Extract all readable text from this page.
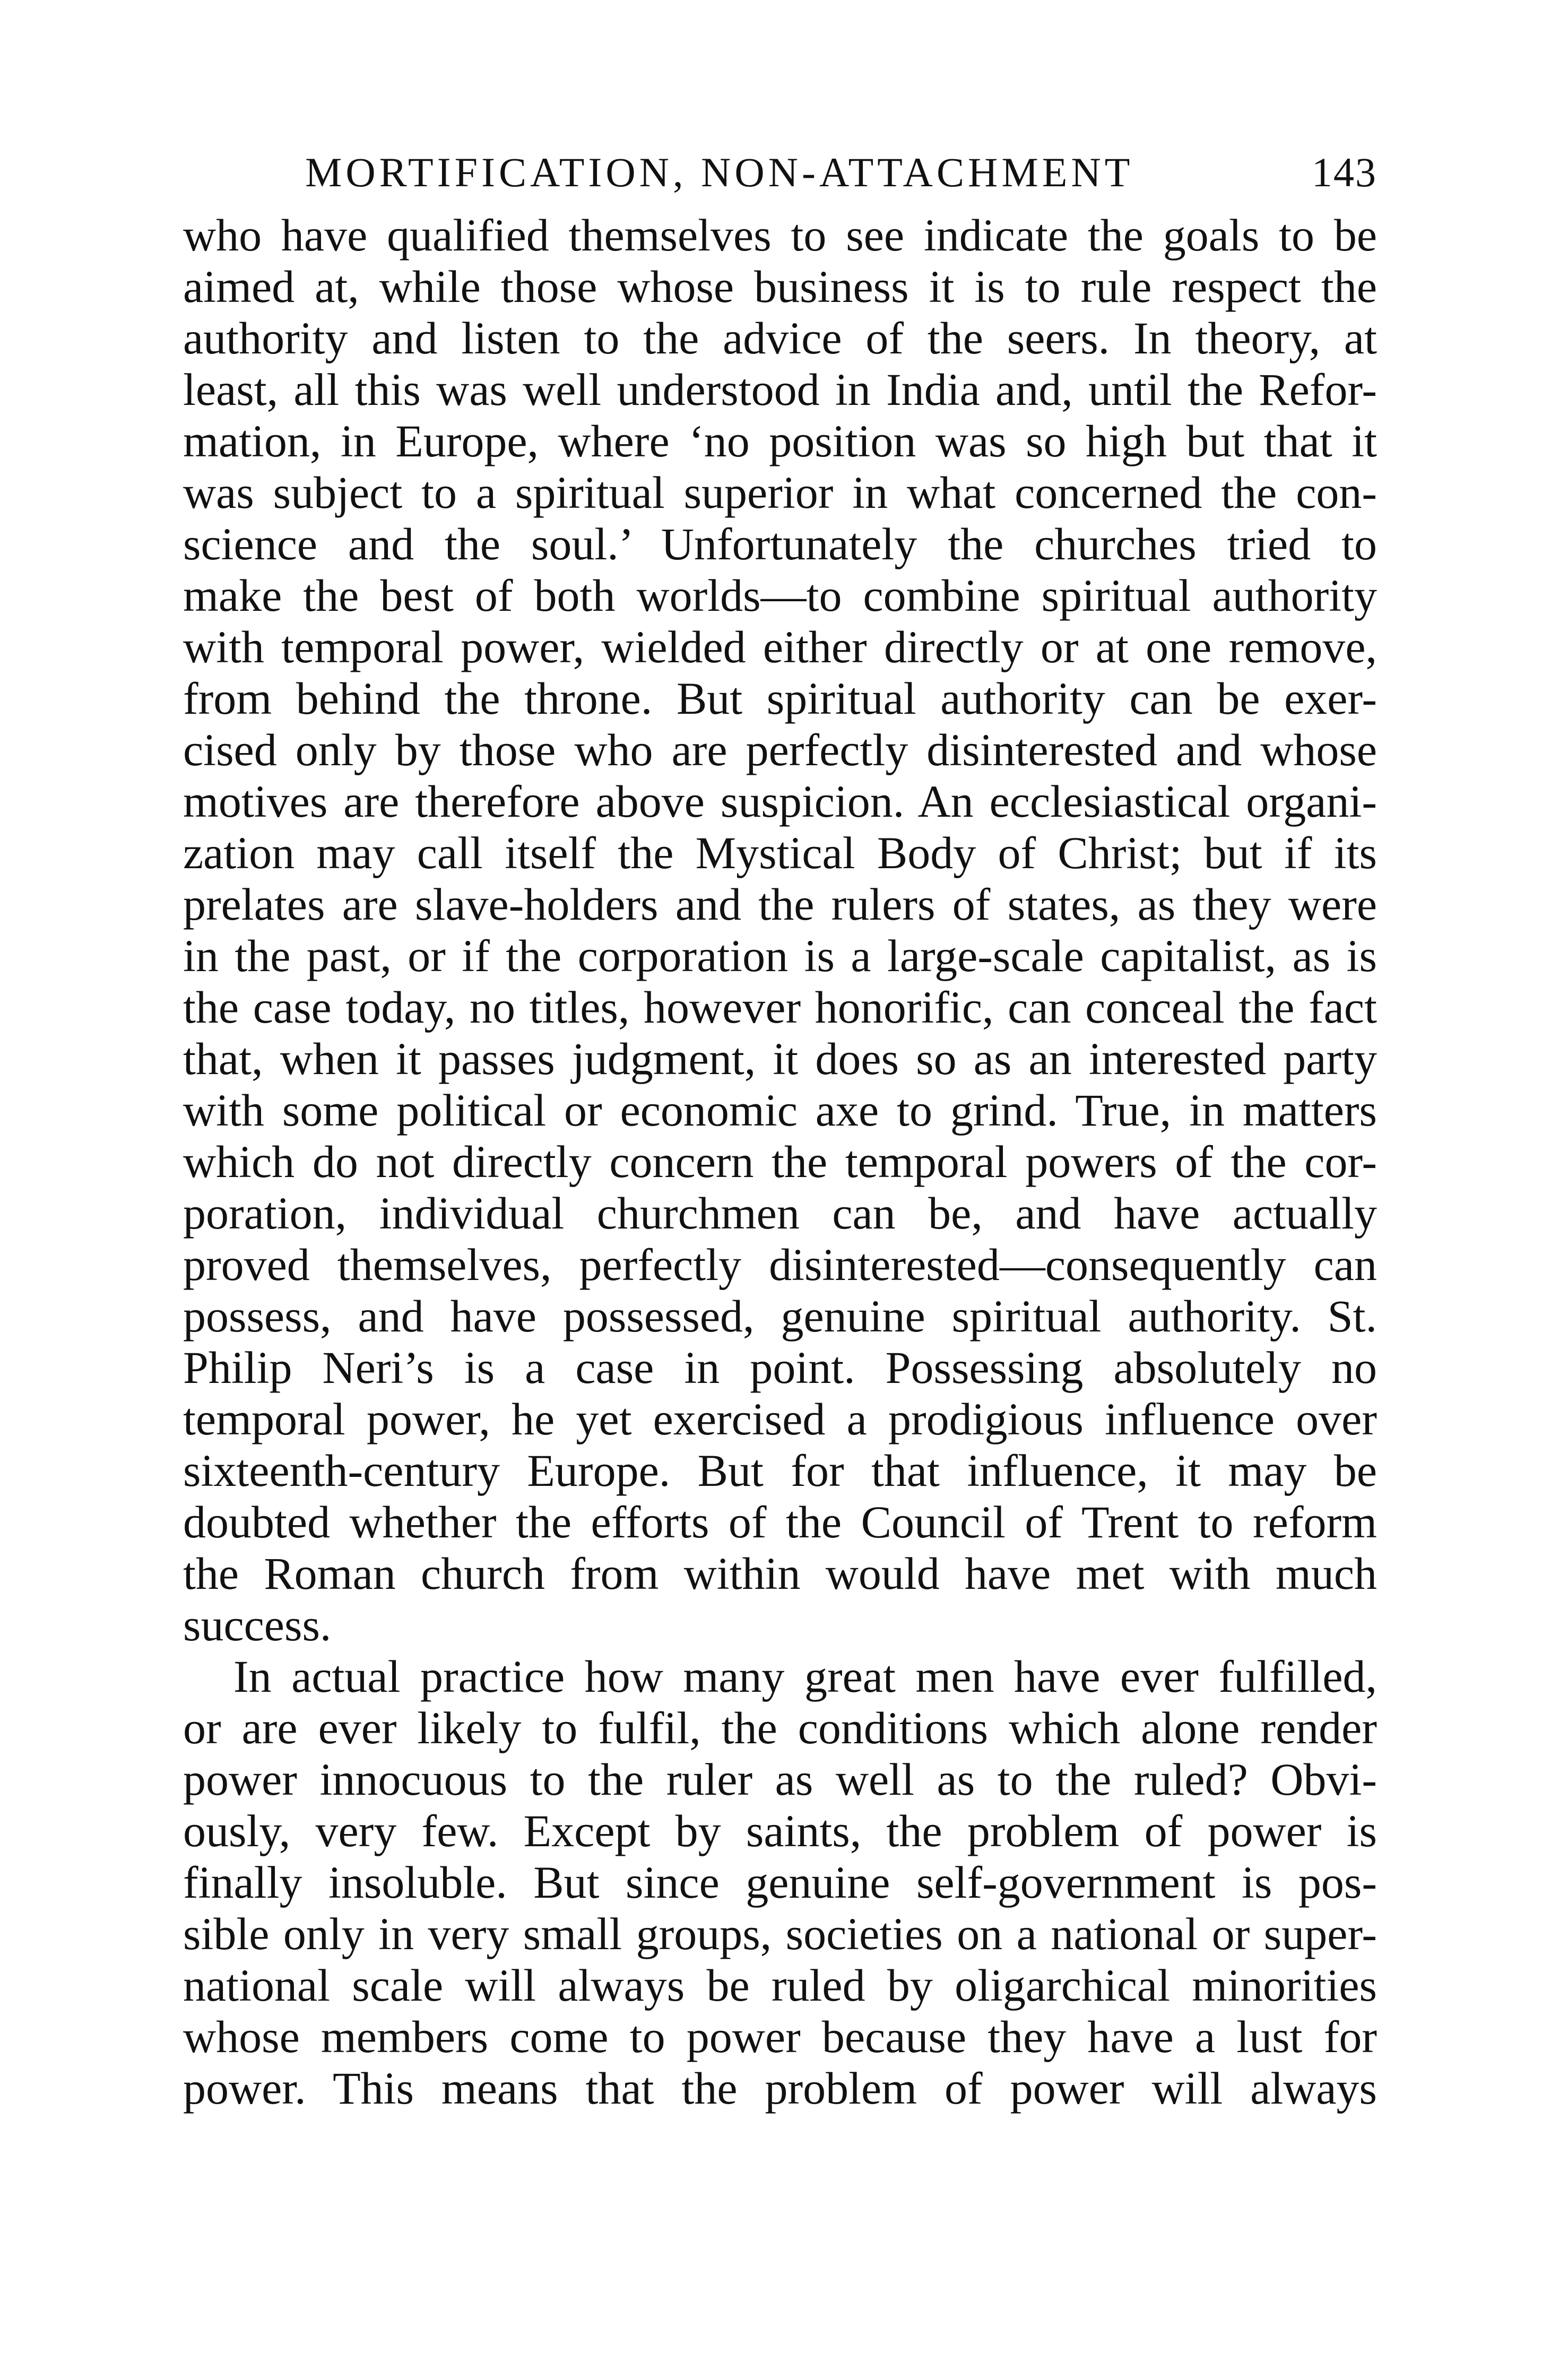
MORTIFICATION, NON-ATTACHMENT	143
who have qualified themselves to see indicate the goals to be
aimed at, while those whose business it is to rule respect the
authority and listen to the advice of the seers. In theory, at
least, all this was well understood in India and, until the Refor-
mation, in Europe, where ‘no position was so high but that it
was subject to a spiritual superior in what concerned the con-
science and the soul.’ Unfortunately the churches tried to
make the best of both worlds—to combine spiritual authority
with temporal power, wielded either directly or at one remove,
from behind the throne. But spiritual authority can be exer-
cised only by those who are perfectly disinterested and whose
motives are therefore above suspicion. An ecclesiastical organi-
zation may call itself the Mystical Body of Christ; but if its
prelates are slave-holders and the rulers of states, as they were
in the past, or if the corporation is a large-scale capitalist, as is
the case today, no titles, however honorific, can conceal the fact
that, when it passes judgment, it does so as an interested party
with some political or economic axe to grind. True, in matters
which do not directly concern the temporal powers of the cor-
poration, individual churchmen can be, and have actually
proved themselves, perfectly disinterested—consequently can
possess, and have possessed, genuine spiritual authority. St.
Philip Neri’s is a case in point. Possessing absolutely no
temporal power, he yet exercised a prodigious influence over
sixteenth-century Europe. But for that influence, it may be
doubted whether the efforts of the Council of Trent to reform
the Roman church from within would have met with much
success.
In actual practice how many great men have ever fulfilled,
or are ever likely to fulfil, the conditions which alone render
power innocuous to the ruler as well as to the ruled? Obvi-
ously, very few. Except by saints, the problem of power is
finally insoluble. But since genuine self-government is pos-
sible only in very small groups, societies on a national or super-
national scale will always be ruled by oligarchical minorities
whose members come to power because they have a lust for
power. This means that the problem of power will always
